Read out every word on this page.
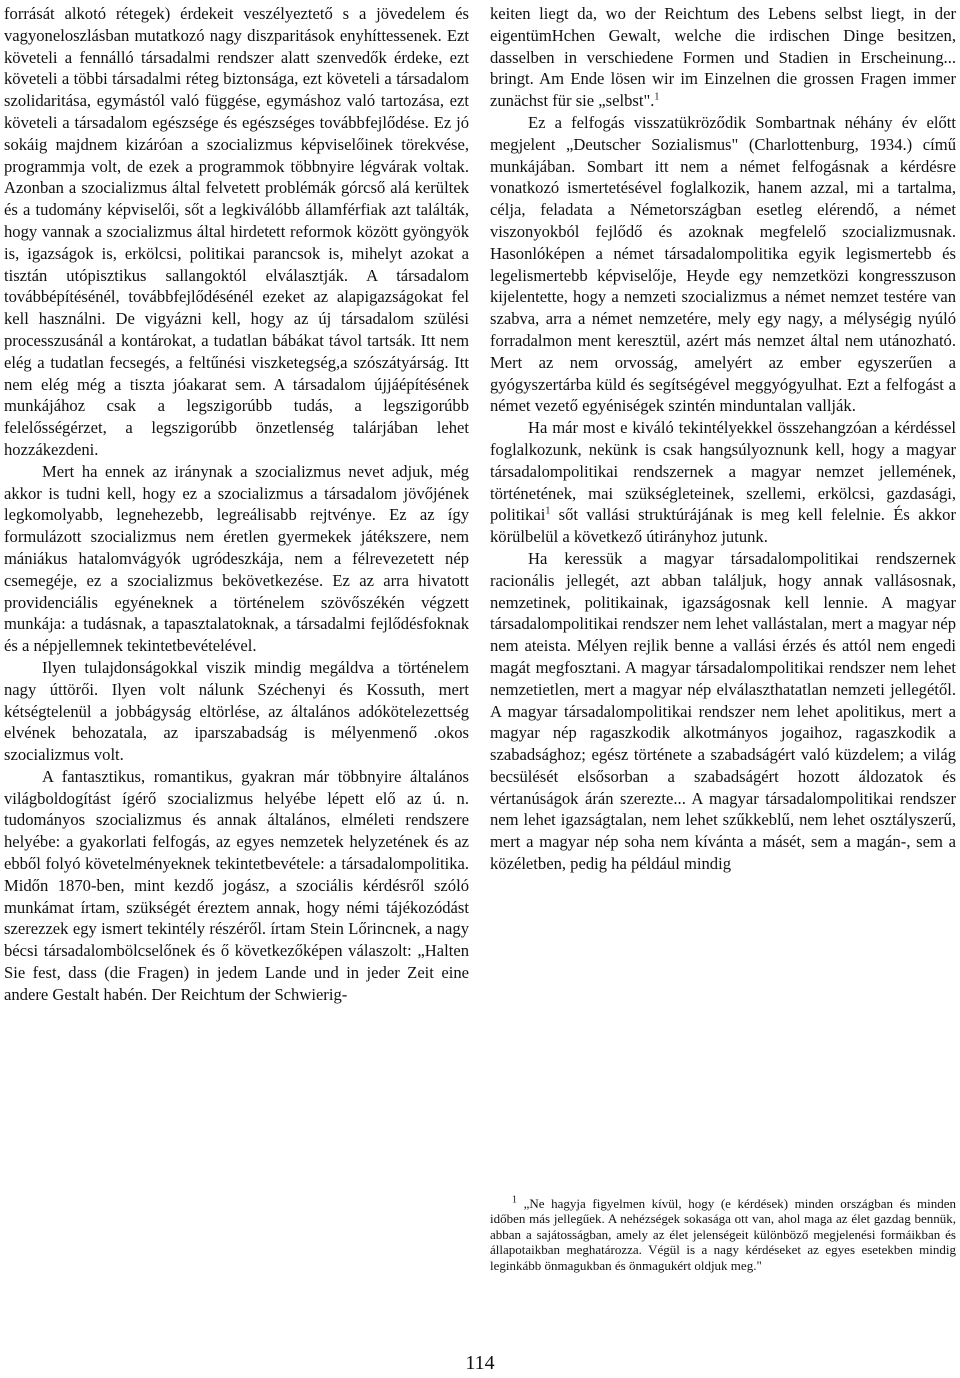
forrását alkotó rétegek) érdekeit veszélyeztető s a jövedelem és vagyoneloszlásban mutatkozó nagy diszparitások enyhíttessenek. Ezt követeli a fennálló társadalmi rendszer alatt szenvedők érdeke, ezt követeli a többi társadalmi réteg biztonsága, ezt követeli a társadalom szolidaritása, egymástól való függése, egymáshoz való tartozása, ezt követeli a társadalom egészsége és egészséges továbbfejlődése. Ez jó sokáig majdnem kizáróan a szocializmus képviselőinek törekvése, programmja volt, de ezek a programmok többnyire légvárak voltak. Azonban a szocializmus által felvetett problémák górcső alá kerültek és a tudomány képviselői, sőt a legkiválóbb államférfiak azt találták, hogy vannak a szocializmus által hirdetett reformok között gyöngyök is, igazságok is, erkölcsi, politikai parancsok is, mihelyt azokat a tisztán utópisztikus sallangoktól elválasztják. A társadalom továbbépítésénél, továbbfejlődésénél ezeket az alapigazságokat fel kell használni. De vigyázni kell, hogy az új társadalom szülési processzusánál a kontárokat, a tudatlan bábákat távol tartsák. Itt nem elég a tudatlan fecsegés, a feltűnési viszketegség,a szószátyárság. Itt nem elég még a tiszta jóakarat sem. A társadalom újjáépítésének munkájához csak a legszigorúbb tudás, a legszigorúbb felelősségérzet, a legszigorúbb önzetlenség talárjában lehet hozzákezdeni.

Mert ha ennek az iránynak a szocializmus nevet adjuk, még akkor is tudni kell, hogy ez a szocializmus a társadalom jövőjének legkomolyabb, legnehezebb, legreálisabb rejtvénye. Ez az így formulázott szocializmus nem éretlen gyermekek játékszere, nem mániákus hatalomvágyók ugródeszkája, nem a félrevezetett nép csemegéje, ez a szocializmus bekövetkezése. Ez az arra hivatott providenciális egyéneknek a történelem szövőszékén végzett munkája: a tudásnak, a tapasztalatoknak, a társadalmi fejlődésfoknak és a népjellemnek tekintetbevételével.

Ilyen tulajdonságokkal viszik mindig megáldva a történelem nagy úttörői. Ilyen volt nálunk Széchenyi és Kossuth, mert kétségtelenül a jobbágyság eltörlése, az általános adókötelezettség elvének behozatala, az iparszabadság is mélyenmenő .okos szocializmus volt.

A fantasztikus, romantikus, gyakran már többnyire általános világboldogítást ígérő szocializmus helyébe lépett elő az ú. n. tudományos szocializmus és annak általános, elméleti rendszere helyébe: a gyakorlati felfogás, az egyes nemzetek helyzetének és az ebből folyó követelményeknek tekintetbevétele: a társadalompolitika. Midőn 1870-ben, mint kezdő jogász, a szociális kérdésről szóló munkámat írtam, szükségét éreztem annak, hogy némi tájékozódást szerezzek egy ismert tekintély részéről. írtam Stein Lőrincnek, a nagy bécsi társadalombölcselőnek és ő következőképen válaszolt: „Halten Sie fest, dass (die Fragen) in jedem Lande und in jeder Zeit eine andere Gestalt habén. Der Reichtum der Schwierig-

keiten liegt da, wo der Reichtum des Lebens selbst liegt, in der eigentümHchen Gewalt, welche die irdischen Dinge besitzen, dasselben in verschiedene Formen und Stadien in Erscheinung... bringt. Am Ende lösen wir im Einzelnen die grossen Fragen immer zunächst für sie „selbst".$^1$

Ez a felfogás visszatükröződik Sombartnak néhány év előtt megjelent „Deutscher Sozialismus" (Charlottenburg, 1934.) című munkájában. Sombart itt nem a német felfogásnak a kérdésre vonatkozó ismertetésével foglalkozik, hanem azzal, mi a tartalma, célja, feladata a Németországban esetleg elérendő, a német viszonyokból fejlődő és azoknak megfelelő szocializmusnak. Hasonlóképen a német társadalompolitika egyik legismertebb és legelismertebb képviselője, Heyde egy nemzetközi kongresszuson kijelentette, hogy a nemzeti szocializmus a német nemzet testére van szabva, arra a német nemzetére, mely egy nagy, a mélységig nyúló forradalmon ment keresztül, azért más nemzet által nem utánozható. Mert az nem orvosság, amelyért az ember egyszerűen a gyógyszertárba küld és segítségével meggyógyulhat. Ezt a felfogást a német vezető egyéniségek szintén minduntalan vallják.

Ha már most e kiváló tekintélyekkel összehangzóan a kérdéssel foglalkozunk, nekünk is csak hangsúlyoznunk kell, hogy a magyar társadalompolitikai rendszernek a magyar nemzet jellemének, történetének, mai szükségleteinek, szellemi, erkölcsi, gazdasági, politikai$^1$ sőt vallási struktúrájának is meg kell felelnie. És akkor körülbelül a következő útirányhoz jutunk.

Ha keressük a magyar társadalompolitikai rendszernek racionális jellegét, azt abban találjuk, hogy annak vallásosnak, nemzetinek, politikainak, igazságosnak kell lennie. A magyar társadalompolitikai rendszer nem lehet vallástalan, mert a magyar nép nem ateista. Mélyen rejlik benne a vallási érzés és attól nem engedi magát megfosztani. A magyar társadalompolitikai rendszer nem lehet nemzetietlen, mert a magyar nép elválaszthatatlan nemzeti jellegétől. A magyar társadalompolitikai rendszer nem lehet apolitikus, mert a magyar nép ragaszkodik alkotmányos jogaihoz, ragaszkodik a szabadsághoz; egész története a szabadságért való küzdelem; a világ becsülését elsősorban a szabadságért hozott áldozatok és vértanúságok árán szerezte... A magyar társadalompolitikai rendszer nem lehet igazságtalan, nem lehet szűkkeblű, nem lehet osztályszerű, mert a magyar nép soha nem kívánta a másét, sem a magán-, sem a közéletben, pedig ha például mindig

$^1$ „Ne hagyja figyelmen kívül, hogy (e kérdések) minden országban és minden időben más jellegűek. A nehézségek sokasága ott van, ahol maga az élet gazdag bennük, abban a sajátosságban, amely az élet jelenségeit különböző megjelenési formáikban és állapotaikban meghatározza. Végül is a nagy kérdéseket az egyes esetekben mindig leginkább önmagukban és önmagukért oldjuk meg."

114
